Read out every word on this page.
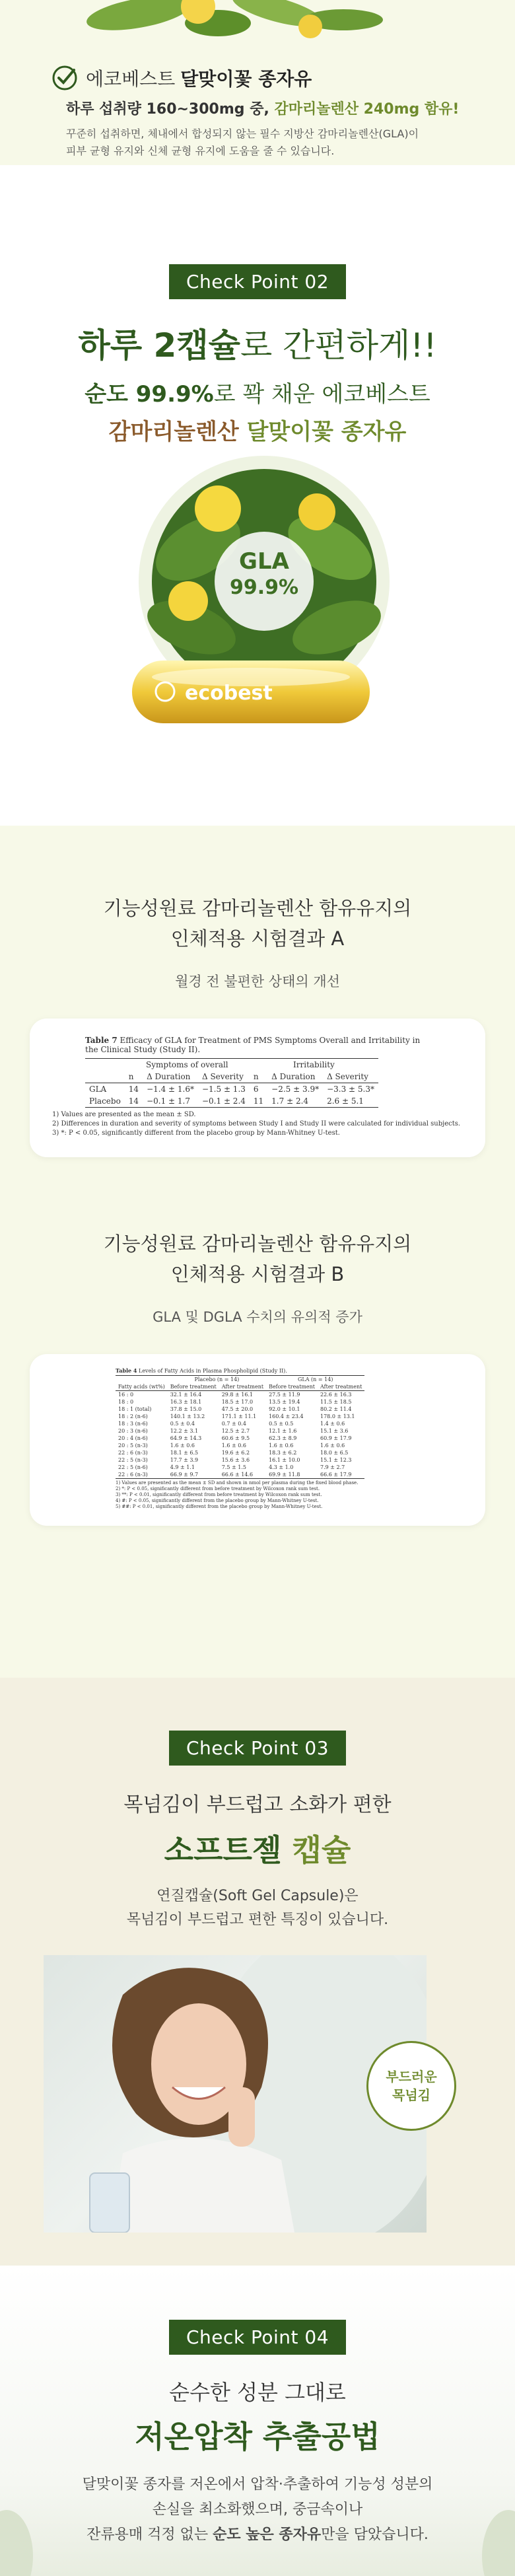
에코베스트 달맞이꽃 종자유
하루 섭취량 160~300mg 중, 감마리놀렌산 240mg 함유!
꾸준히 섭취하면, 체내에서 합성되지 않는 필수 지방산 감마리놀렌산(GLA)이
피부 균형 유지와 신체 균형 유지에 도움을 줄 수 있습니다.
Check Point 02
하루 2캡슐로 간편하게!!
순도 99.9%로 꽉 채운 에코베스트
감마리놀렌산 달맞이꽃 종자유
GLA
99.9%
ecobest
기능성원료 감마리놀렌산 함유유지의
인체적용 시험결과 A
월경 전 불편한 상태의 개선
Table 7 Efficacy of GLA for Treatment of PMS Symptoms Overall and Irritability in the Clinical Study (Study II).
	Symptoms of overall			Irritability		
	n	Δ Duration	Δ Severity	n	Δ Duration	Δ Severity
GLA	14	−1.4 ± 1.6*	−1.5 ± 1.3	6	−2.5 ± 3.9*	−3.3 ± 5.3*
Placebo	14	−0.1 ± 1.7	−0.1 ± 2.4	11	1.7 ± 2.4	2.6 ± 5.1
1) Values are presented as the mean ± SD.
2) Differences in duration and severity of symptoms between Study I and Study II were calculated for individual subjects.
3) *: P < 0.05, significantly different from the placebo group by Mann-Whitney U-test.
기능성원료 감마리놀렌산 함유유지의
인체적용 시험결과 B
GLA 및 DGLA 수치의 유의적 증가
Table 4 Levels of Fatty Acids in Plasma Phospholipid (Study II).
	Placebo (n = 14)		GLA (n = 14)	
Fatty acids (wt%)	Before treatment	After treatment	Before treatment	After treatment
16 : 0	32.1 ± 16.4	29.8 ± 16.1	27.5 ± 11.9	22.6 ± 16.3
18 : 0	16.3 ± 18.1	18.5 ± 17.0	13.5 ± 19.4	11.5 ± 18.5
18 : 1 (total)	37.8 ± 15.0	47.5 ± 20.0	92.0 ± 10.1	80.2 ± 11.4
18 : 2 (n-6)	140.1 ± 13.2	171.1 ± 11.1	160.4 ± 23.4	178.0 ± 13.1
18 : 3 (n-6)	0.5 ± 0.4	0.7 ± 0.4	0.5 ± 0.5	1.4 ± 0.6
20 : 3 (n-6)	12.2 ± 3.1	12.5 ± 2.7	12.1 ± 1.6	15.1 ± 3.6
20 : 4 (n-6)	64.9 ± 14.3	60.6 ± 9.5	62.3 ± 8.9	60.9 ± 17.9
20 : 5 (n-3)	1.6 ± 0.6	1.6 ± 0.6	1.6 ± 0.6	1.6 ± 0.6
22 : 6 (n-3)	18.1 ± 6.5	19.6 ± 6.2	18.3 ± 6.2	18.0 ± 6.5
22 : 5 (n-3)	17.7 ± 3.9	15.6 ± 3.6	16.1 ± 10.0	15.1 ± 12.3
22 : 5 (n-6)	4.9 ± 1.1	7.5 ± 1.5	4.3 ± 1.0	7.9 ± 2.7
22 : 6 (n-3)	66.9 ± 9.7	66.6 ± 14.6	69.9 ± 11.8	66.6 ± 17.9
1) Values are presented as the mean ± SD and shown in nmol per plasma during the fixed blood phase.
2) *: P < 0.05, significantly different from before treatment by Wilcoxon rank sum test.
3) **: P < 0.01, significantly different from before treatment by Wilcoxon rank sum test.
4) #: P < 0.05, significantly different from the placebo group by Mann-Whitney U-test.
5) ##: P < 0.01, significantly different from the placebo group by Mann-Whitney U-test.
Check Point 03
목넘김이 부드럽고 소화가 편한
소프트젤 캡슐
연질캡슐(Soft Gel Capsule)은
목넘김이 부드럽고 편한 특징이 있습니다.
부드러운
목넘김
Check Point 04
순수한 성분 그대로
저온압착 추출공법
달맞이꽃 종자를 저온에서 압착·추출하여 기능성 성분의
손실을 최소화했으며, 중금속이나
잔류용매 걱정 없는 순도 높은 종자유만을 담았습니다.
